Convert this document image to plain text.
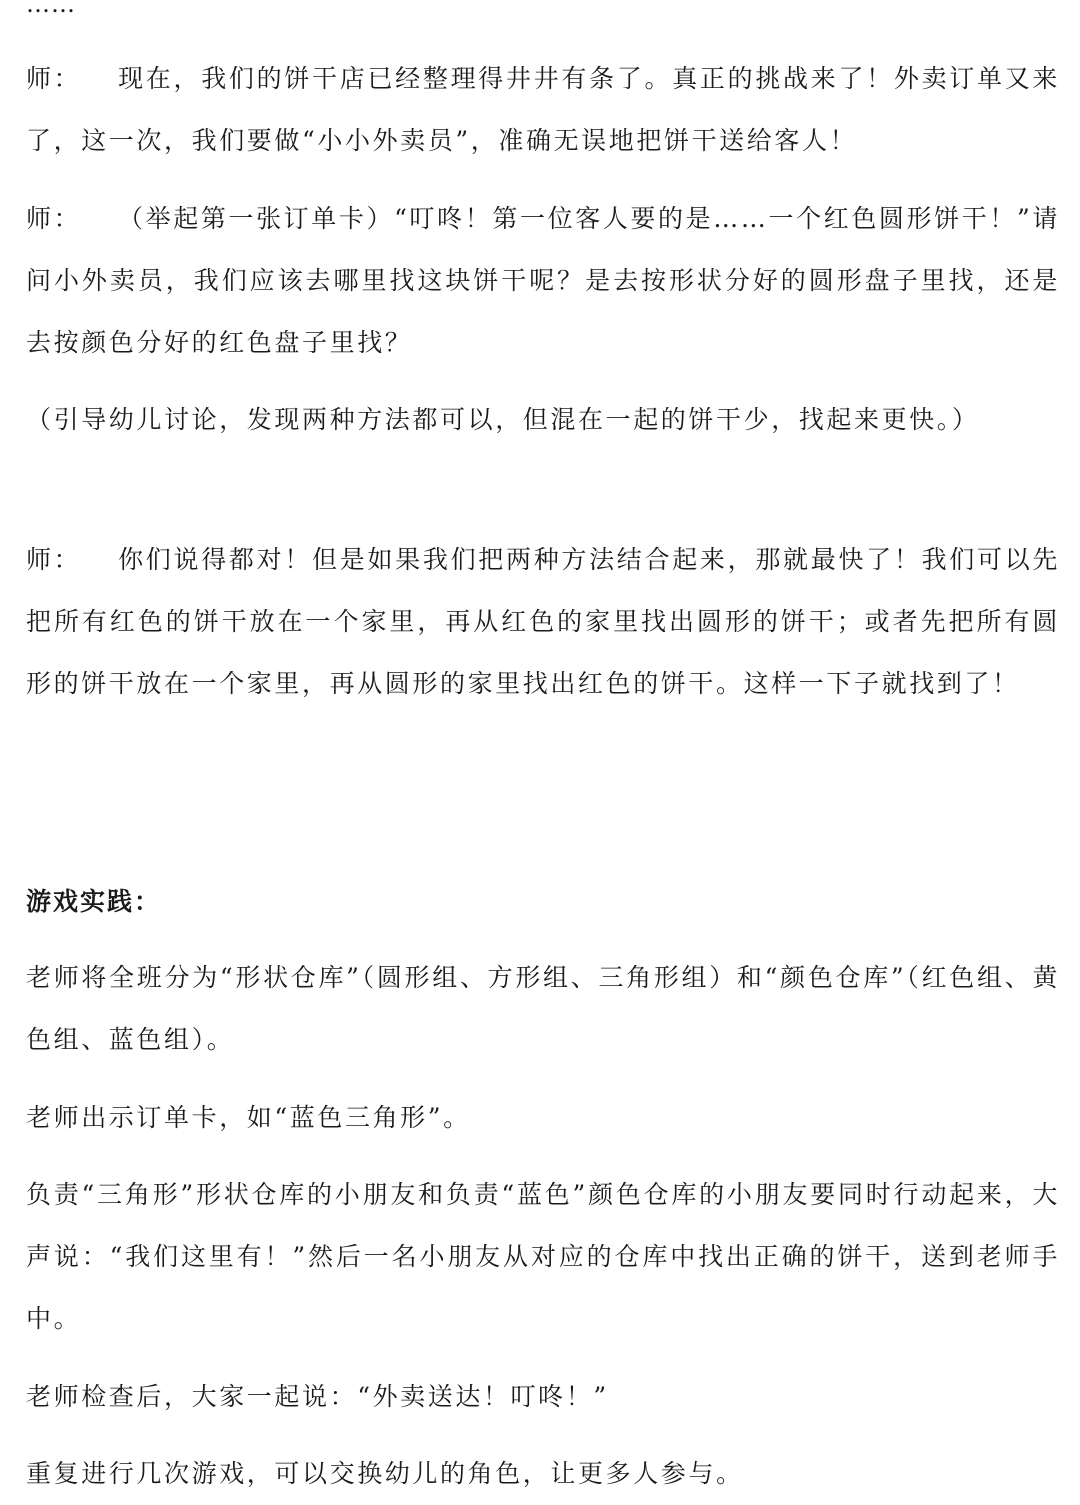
……

师： 现在，我们的饼干店已经整理得井井有条了。真正的挑战来了！外卖订单又来了，这一次，我们要做“小小外卖员”，准确无误地把饼干送给客人！

师： （举起第一张订单卡）“叮咚！第一位客人要的是……一个红色圆形饼干！”请问小外卖员，我们应该去哪里找这块饼干呢？是去按形状分好的圆形盘子里找，还是去按颜色分好的红色盘子里找？

（引导幼儿讨论，发现两种方法都可以，但混在一起的饼干少，找起来更快。）

师： 你们说得都对！但是如果我们把两种方法结合起来，那就最快了！我们可以先把所有红色的饼干放在一个家里，再从红色的家里找出圆形的饼干；或者先把所有圆形的饼干放在一个家里，再从圆形的家里找出红色的饼干。这样一下子就找到了！

游戏实践：

老师将全班分为“形状仓库”（圆形组、方形组、三角形组）和“颜色仓库”（红色组、黄色组、蓝色组）。

老师出示订单卡，如“蓝色三角形”。

负责“三角形”形状仓库的小朋友和负责“蓝色”颜色仓库的小朋友要同时行动起来，大声说：“我们这里有！”然后一名小朋友从对应的仓库中找出正确的饼干，送到老师手中。

老师检查后，大家一起说：“外卖送达！叮咚！”

重复进行几次游戏，可以交换幼儿的角色，让更多人参与。
